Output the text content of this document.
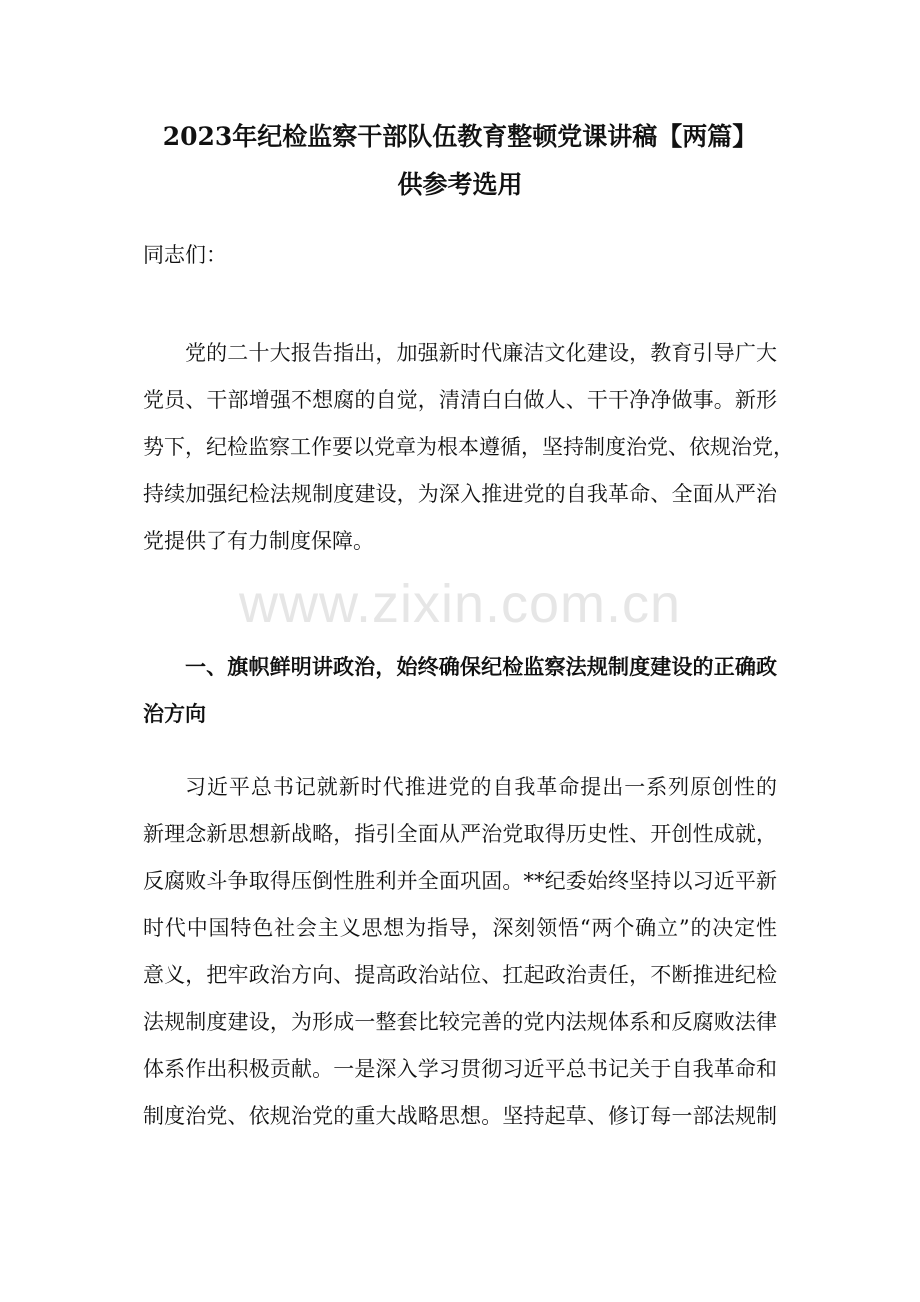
www.zixin.com.cn
2023年纪检监察干部队伍教育整顿党课讲稿【两篇】
供参考选用
同志们：
党的二十大报告指出，加强新时代廉洁文化建设，教育引导广大
党员、干部增强不想腐的自觉，清清白白做人、干干净净做事。新形
势下，纪检监察工作要以党章为根本遵循，坚持制度治党、依规治党，
持续加强纪检法规制度建设，为深入推进党的自我革命、全面从严治
党提供了有力制度保障。
一、旗帜鲜明讲政治，始终确保纪检监察法规制度建设的正确政
治方向
习近平总书记就新时代推进党的自我革命提出一系列原创性的
新理念新思想新战略，指引全面从严治党取得历史性、开创性成就，
反腐败斗争取得压倒性胜利并全面巩固。**纪委始终坚持以习近平新
时代中国特色社会主义思想为指导，深刻领悟“两个确立”的决定性
意义，把牢政治方向、提高政治站位、扛起政治责任，不断推进纪检
法规制度建设，为形成一整套比较完善的党内法规体系和反腐败法律
体系作出积极贡献。一是深入学习贯彻习近平总书记关于自我革命和
制度治党、依规治党的重大战略思想。坚持起草、修订每一部法规制
